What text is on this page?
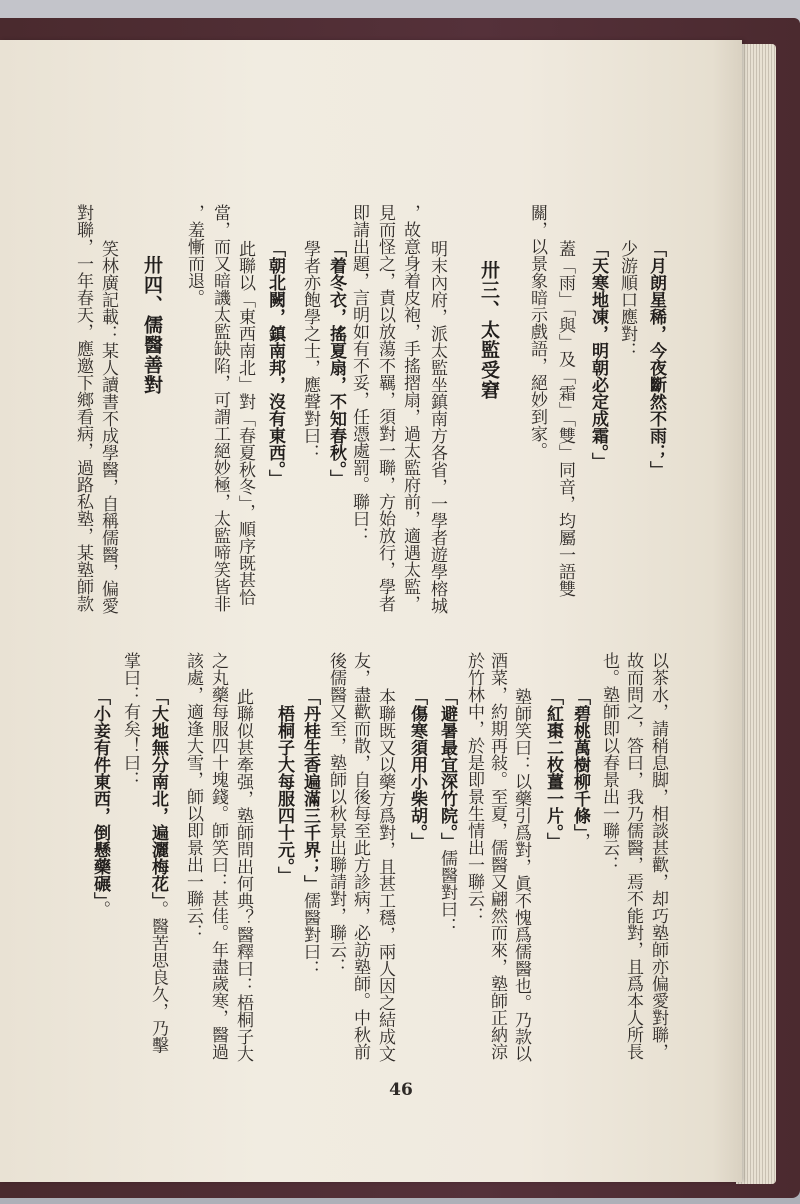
「月朗星稀，今夜斷然不雨；」
少游順口應對：
「天寒地凍，明朝必定成霜。」
蓋「雨」「與」及「霜」「雙」同音，均屬一語雙
關，以景象暗示戲語，絕妙到家。
卅三、太監受窘
明末內府，派太監坐鎮南方各省，一學者遊學榕城
，故意身着皮袍，手搖摺扇，過太監府前，適遇太監，
見而怪之，責以放蕩不羈，須對一聯，方始放行，學者
即請出題，言明如有不妥，任憑處罰。聯曰：
「着冬衣，搖夏扇，不知春秋。」
學者亦飽學之士，應聲對曰：
「朝北闕，鎮南邦，沒有東西。」
此聯以「東西南北」對「春夏秋冬」，順序既甚恰
當，而又暗譏太監缺陷，可謂工絕妙極，太監啼笑皆非
，羞慚而退。
卅四、儒醫善對
笑林廣記載：某人讀書不成學醫，自稱儒醫，偏愛
對聯，一年春天，應邀下鄉看病，過路私塾，某塾師款
以茶水，請稍息脚，相談甚歡，却巧塾師亦偏愛對聯，
故而問之，答曰，我乃儒醫，焉不能對，且爲本人所長
也。塾師即以春景出一聯云：
「碧桃萬樹柳千條」，
「紅棗二枚薑一片。」
塾師笑曰：以藥引爲對，眞不愧爲儒醫也。乃款以
酒菜，約期再敍。至夏，儒醫又翩然而來，塾師正納涼
於竹林中，於是即景生情出一聯云：
「避暑最宜深竹院。」儒醫對曰：
「傷寒須用小柴胡。」
本聯既又以藥方爲對，且甚工穩，兩人因之結成文
友，盡歡而散，自後每至此方診病，必訪塾師。中秋前
後儒醫又至，塾師以秋景出聯請對，聯云：
「丹桂生香遍滿三千界；」儒醫對曰：
梧桐子大每服四十元。」
此聯似甚牽强，塾師問出何典？醫釋曰：梧桐子大
之丸藥每服四十塊錢。師笑曰：甚佳。年盡歲寒，醫過
該處，適逢大雪，師以即景出一聯云：
「大地無分南北，遍灑梅花」。醫苦思良久，乃擊
掌曰：有矣！曰：
「小妾有件東西，倒懸藥碾」。
46
